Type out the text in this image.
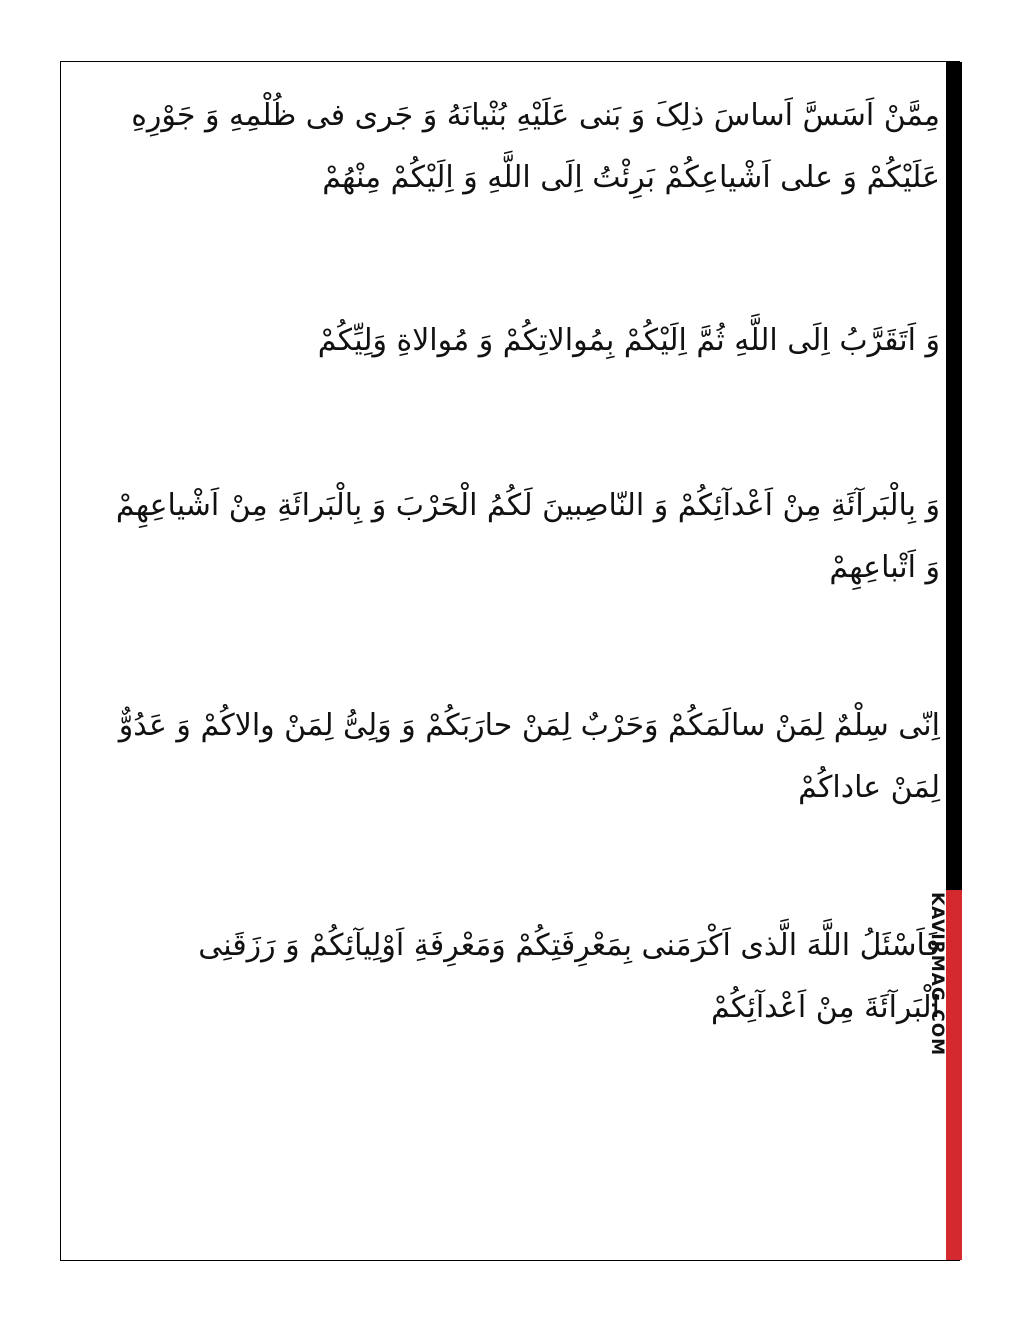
KAVIRMAG.COM

مِمَّنْ اَسَسَّ اَساسَ ذلِکَ وَ بَنی عَلَیْهِ بُنْیانَهُ وَ جَری فی ظُلْمِهِ وَ جَوْرِهِ عَلَیْکُمْ وَ علی اَشْیاعِکُمْ بَرِئْتُ اِلَی اللَّهِ وَ اِلَیْکُمْ مِنْهُمْ

وَ اَتَقَرَّبُ اِلَی اللَّهِ ثُمَّ اِلَیْکُمْ بِمُوالاتِکُمْ وَ مُوالاةِ وَلِیِّکُمْ

وَ بِالْبَرآئَةِ مِنْ اَعْدآئِکُمْ وَ النّاصِبینَ لَکُمُ الْحَرْبَ وَ بِالْبَرائَةِ مِنْ اَشْیاعِهِمْ وَ اَتْباعِهِمْ

اِنّی سِلْمٌ لِمَنْ سالَمَکُمْ وَحَرْبٌ لِمَنْ حارَبَکُمْ وَ وَلِیُّ لِمَنْ والاکُمْ وَ عَدُوٌّ لِمَنْ عاداکُمْ

فَاَسْئَلُ اللَّهَ الَّذی اَکْرَمَنی بِمَعْرِفَتِکُمْ وَمَعْرِفَةِ اَوْلِیآئِکُمْ وَ رَزَقَنِی الْبَرآئَةَ مِنْ اَعْدآئِکُمْ
